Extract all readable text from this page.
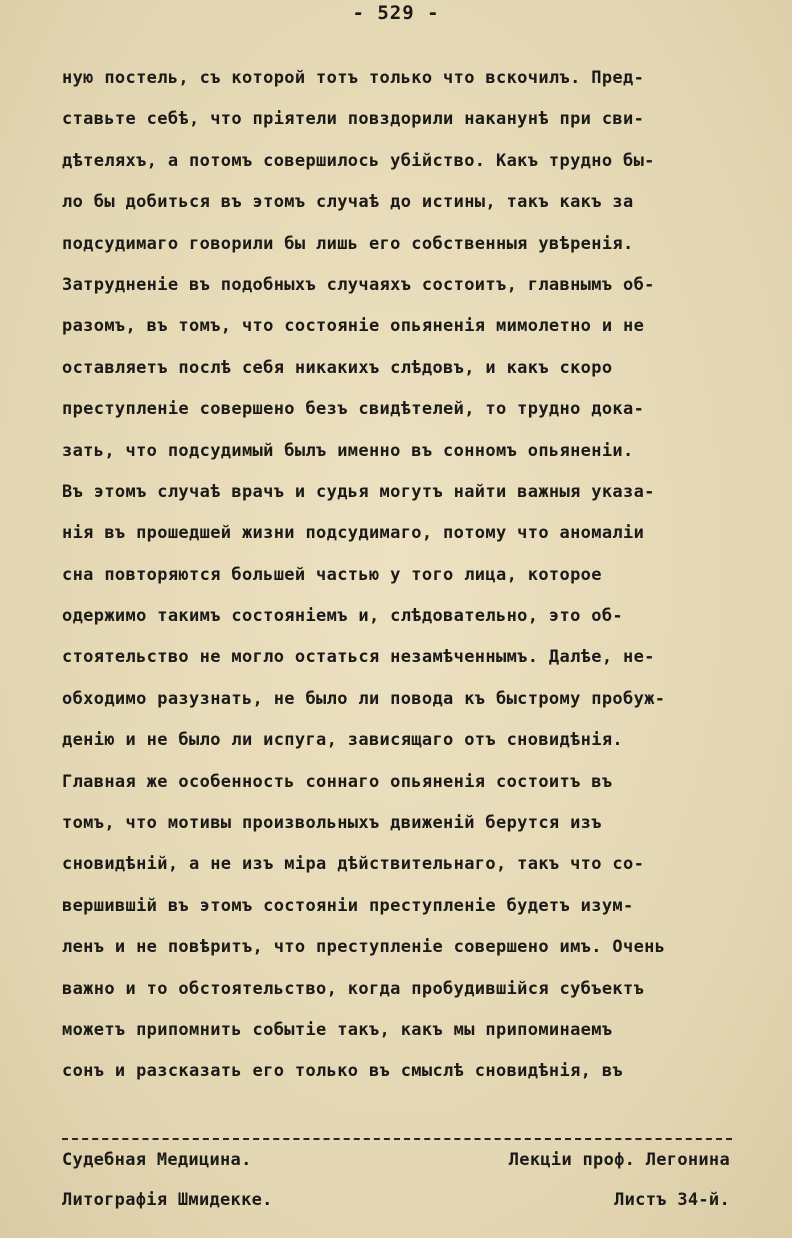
- 529 -
ную постель, съ которой тотъ только что вскочилъ. Пред-
ставьте себѣ, что прiятели повздорили наканунѣ при сви-
дѣтеляхъ, а потомъ совершилось убiйство. Какъ трудно бы-
ло бы добиться въ этомъ случаѣ до истины, такъ какъ за
подсудимаго говорили бы лишь его собственныя увѣренiя.
Затрудненiе въ подобныхъ случаяхъ состоитъ, главнымъ об-
разомъ, въ томъ, что состоянiе опьяненiя мимолетно и не
оставляетъ послѣ себя никакихъ слѣдовъ, и какъ скоро
преступленiе совершено безъ свидѣтелей, то трудно дока-
зать, что подсудимый былъ именно въ сонномъ опьяненiи.
Въ этомъ случаѣ врачъ и судья могутъ найти важныя указа-
нiя въ прошедшей жизни подсудимаго, потому что аномалiи
сна повторяются большей частью у того лица, которое
одержимо такимъ состоянiемъ и, слѣдовательно, это об-
стоятельство не могло остаться незамѣченнымъ. Далѣе, не-
обходимо разузнать, не было ли повода къ быстрому пробуж-
денiю и не было ли испуга, зависящаго отъ сновидѣнiя.
Главная же особенность соннаго опьяненiя состоитъ въ
томъ, что мотивы произвольныхъ движенiй берутся изъ
сновидѣнiй, а не изъ мiра дѣйствительнаго, такъ что со-
вершившiй въ этомъ состоянiи преступленiе будетъ изум-
ленъ и не повѣритъ, что преступленiе совершено имъ. Очень
важно и то обстоятельство, когда пробудившiйся субъектъ
можетъ припомнить событiе такъ, какъ мы припоминаемъ
сонъ и разсказать его только въ смыслѣ сновидѣнiя, въ
Судебная Медицина.	Лекцiи проф. Легонина
Литографiя Шмидекке.	Листъ 34-й.
